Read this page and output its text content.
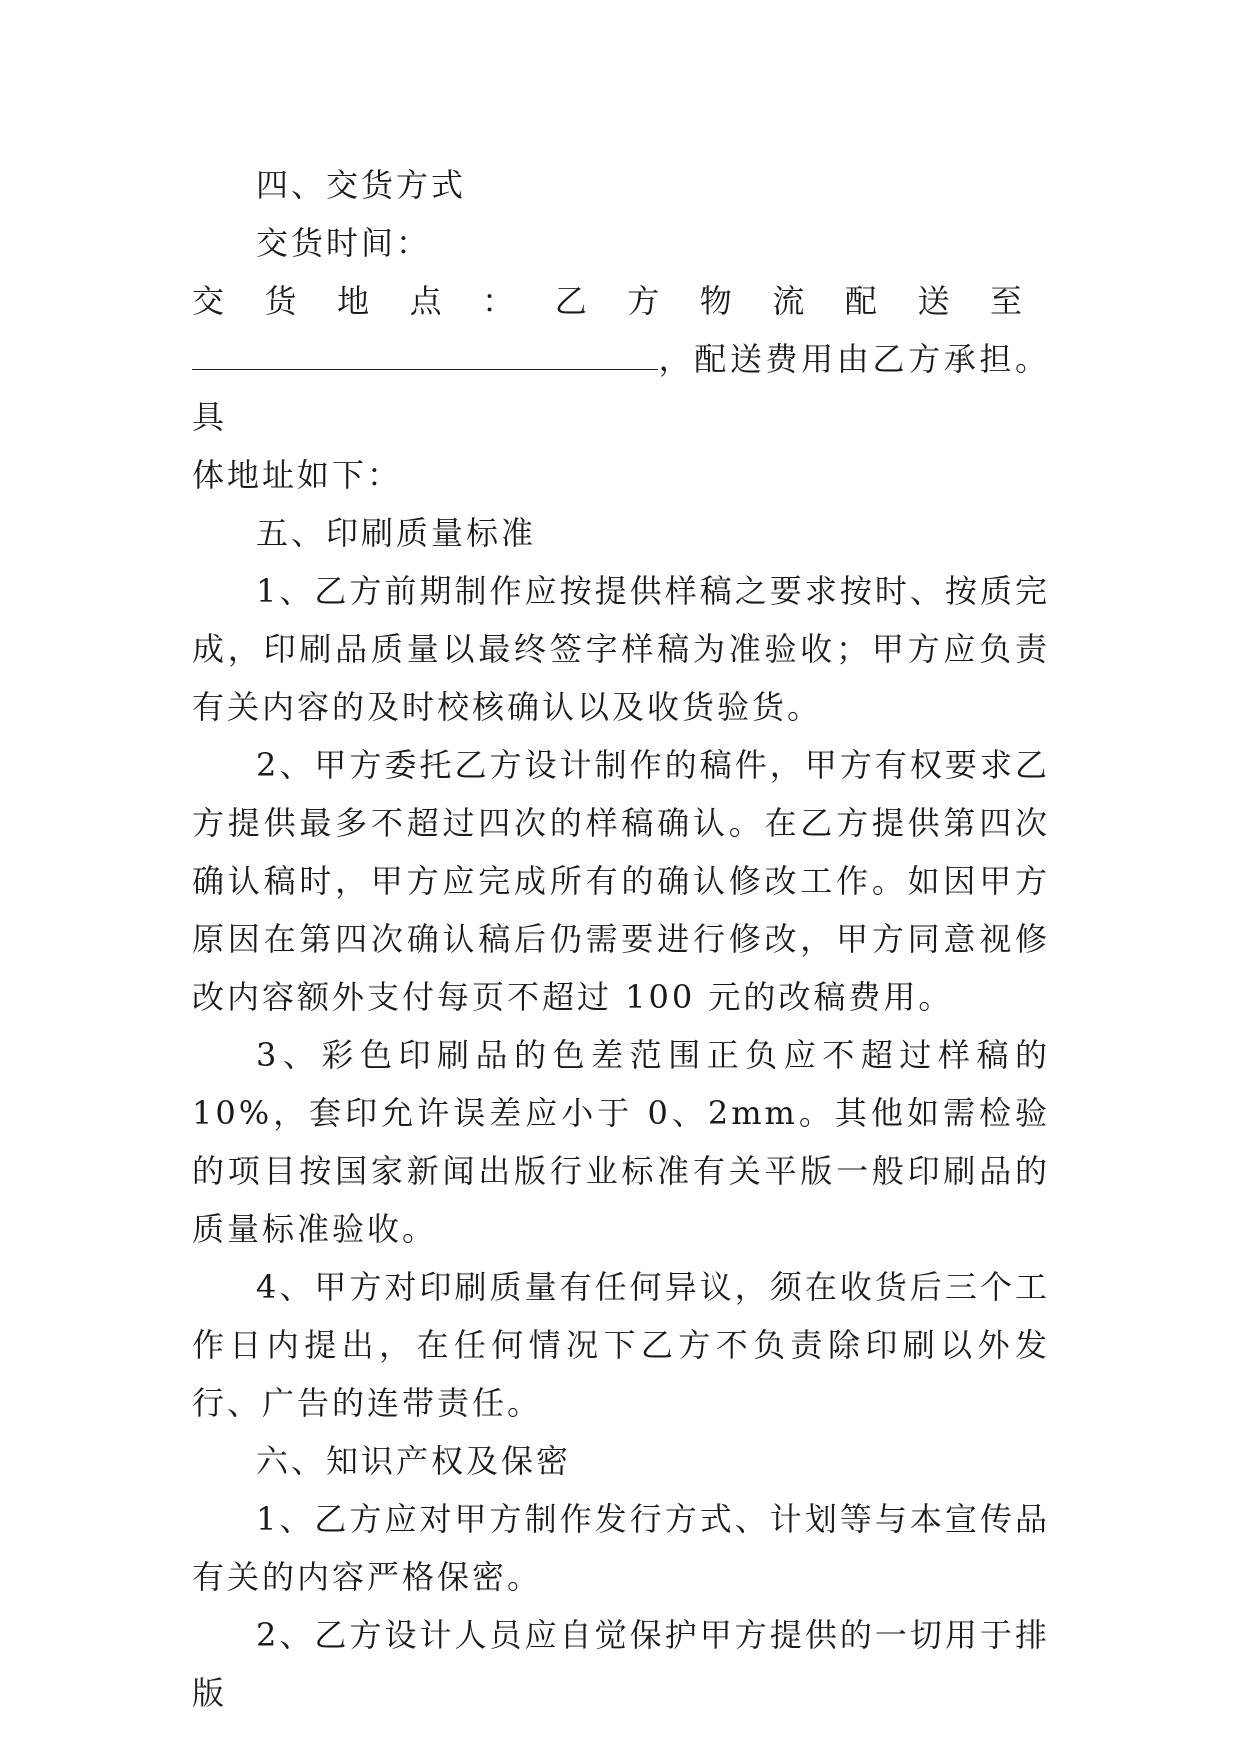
四、交货方式

交货时间：

交货地点：乙方物流配送至

，配送费用由乙方承担。具

体地址如下：

五、印刷质量标准

1、乙方前期制作应按提供样稿之要求按时、按质完成，印刷品质量以最终签字样稿为准验收；甲方应负责有关内容的及时校核确认以及收货验货。

2、甲方委托乙方设计制作的稿件，甲方有权要求乙方提供最多不超过四次的样稿确认。在乙方提供第四次确认稿时，甲方应完成所有的确认修改工作。如因甲方原因在第四次确认稿后仍需要进行修改，甲方同意视修改内容额外支付每页不超过 100 元的改稿费用。

3、彩色印刷品的色差范围正负应不超过样稿的 10%，套印允许误差应小于 0、2mm。其他如需检验的项目按国家新闻出版行业标准有关平版一般印刷品的质量标准验收。

4、甲方对印刷质量有任何异议，须在收货后三个工作日内提出，在任何情况下乙方不负责除印刷以外发行、广告的连带责任。

六、知识产权及保密

1、乙方应对甲方制作发行方式、计划等与本宣传品有关的内容严格保密。

2、乙方设计人员应自觉保护甲方提供的一切用于排版
